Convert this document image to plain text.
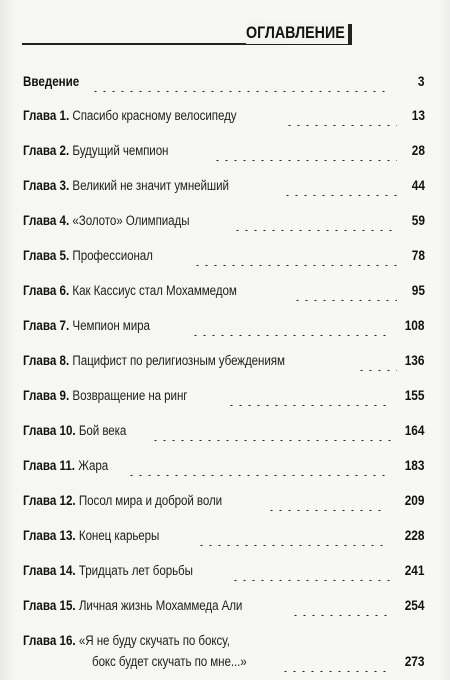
ОГЛАВЛЕНИЕ
Введение	3
Глава 1. Спасибо красному велосипеду	13
Глава 2. Будущий чемпион	28
Глава 3. Великий не значит умнейший	44
Глава 4. «Золото» Олимпиады	59
Глава 5. Профессионал	78
Глава 6. Как Кассиус стал Мохаммедом	95
Глава 7. Чемпион мира	108
Глава 8. Пацифист по религиозным убеждениям	136
Глава 9. Возвращение на ринг	155
Глава 10. Бой века	164
Глава 11. Жара	183
Глава 12. Посол мира и доброй воли	209
Глава 13. Конец карьеры	228
Глава 14. Тридцать лет борьбы	241
Глава 15. Личная жизнь Мохаммеда Али	254
Глава 16. «Я не буду скучать по боксу,
бокс будет скучать по мне...»	273
